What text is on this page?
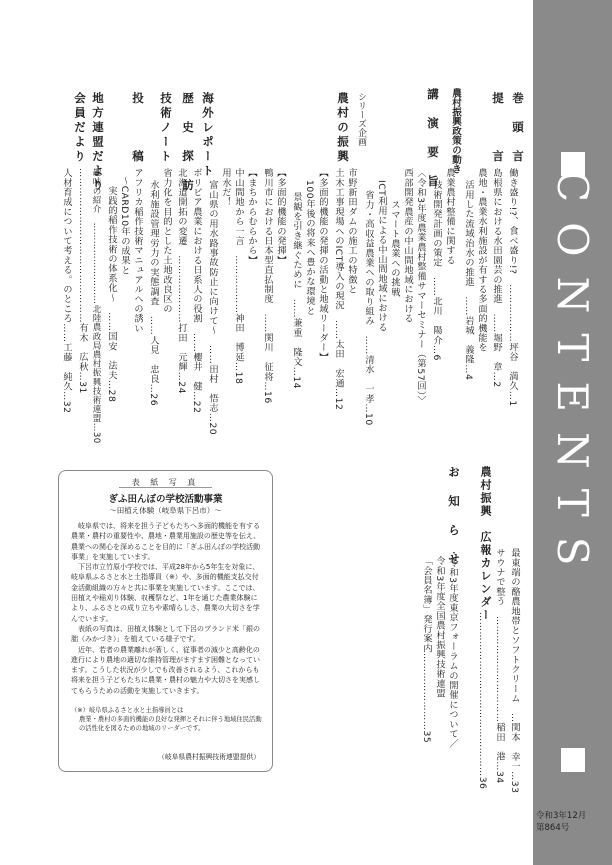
CONTENTS
令和3年12月
第864号
巻　頭　言
提　　　言
農村振興政策の動き
講　演　要　旨
シリーズ企画
農村の振興
海外レポート
歴　史　探　訪
技術ノート
投　　　稿
地方連盟だより
会員だより
働き盛り!?、食べ盛り!?　………………坪谷　満久…1
島根県における水田園芸の推進　……堀野　章…2
農地・農業水利施設が有する多面的機能を
活用した流域治水の推進　……岩城　義隆…4
農業農村整備に関する
技術開発計画の策定　……北川　陽介…6
〈令和3年度農業農村整備サマーセミナー（第57回）〉
西部開発農産の中山間地域における
スマート農業への挑戦
ICT利用による中山間地域における
省力・高収益農業への取り組み　……清水　一孝…10
市野新田ダムの施工の特徴と
土木工事現場へのICT導入の現況　……太田　宏通…12
【多面的機能の発揮の活動と地域リーダー】
100年後の将来へ豊かな環境と
景観を引き継ぐために　……兼重　隆文…14
【多面的機能の発揮】
鴨川市における日本型直払制度　……関川　征将…16
【まちからむらから】
中山間地から一言　………………神田　博延…18
用水だ！
富山県の用水路事故防止に向けて〜　……田村　悟志…20
ボリビア農業における日系人の役割　……櫻井　健…22
北海道開拓の変遷　…………………打田　元輝…24
省力化を目的とした土地改良区の
水利施設管理労力の実態調査　……人見　忠良…26
アフリカ稲作技術マニュアルへの誘い
〜CARD10年の成果と
実践的稲作技術の体系化〜　……国安　法夫…28
趣味の紹介　………………………北陸農政局農村振興技術連盟…30
…………………………………………有木　広秋…31
人材育成について考える。のところ……工藤　純久…32
農村振興　広報カレンダー
お　知　ら　せ
最東端の酪農地帯とソフトクリーム　…関本　幸一…33
サウナで整う　……………………………稲田　港…34
……………………………………………36
・令和3年度東京フォーラムの開催について／
令和3年度全国農村振興技術連盟
「会員名簿」発行案内……………………35
表 紙 写 真
ぎふ田んぼの学校活動事業
〜田植え体験（岐阜県下呂市）〜

岐阜県では、将来を担う子どもたちへ多面的機能を有する農業・農村の重要性や、農地・農業用施設の歴史等を伝え、農業への関心を深めることを目的に「ぎふ田んぼの学校活動事業」を実施しています。

下呂市立竹原小学校では、平成28年から5年生を対象に、岐阜県ふるさと水と土指導員（※）や、多面的機能支払交付金活動組織の方々と共に事業を実施しています。ここでは、田植えや稲刈り体験、収穫祭など、1年を通じた農業体験により、ふるさとの成り立ちや素晴らしさ、農業の大切さを学んでいます。

表紙の写真は、田植え体験として下呂のブランド米「銀の朏（みかづき）」を植えている様子です。

近年、若者の農業離れが著しく、従事者の減少と高齢化の進行により農地の適切な維持管理がますます困難となっています。こうした状況が少しでも改善されるよう、これからも将来を担う子どもたちに農業・農村の魅力や大切さを実感してもらうための活動を実施していきます。

（※）岐阜県ふるさと水と土指導員とは
農業・農村の多面的機能の良好な発揮とそれに伴う地域住民活動の活性化を図るための地域のリーダーです。
（岐阜県農村振興技術連盟提供）
